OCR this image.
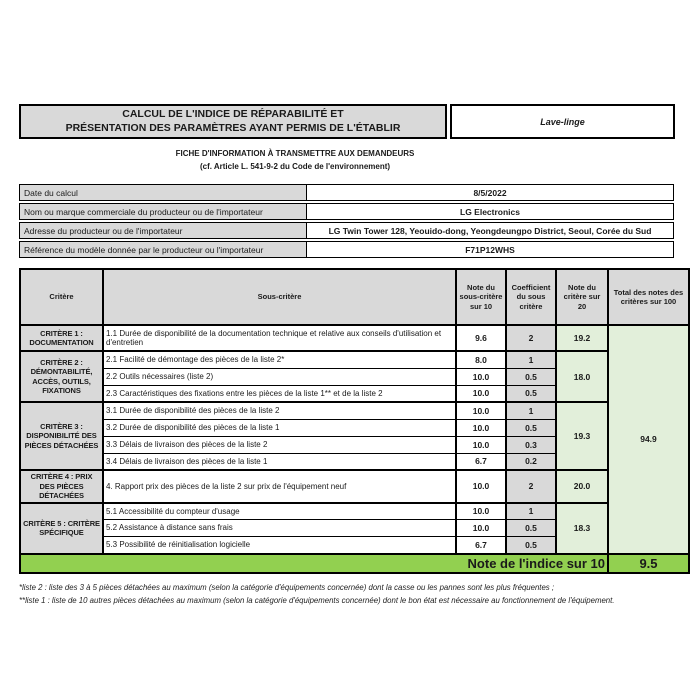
CALCUL DE L'INDICE DE RÉPARABILITÉ ET
PRÉSENTATION DES PARAMÈTRES AYANT PERMIS DE L'ÉTABLIR	Lave-linge
FICHE D'INFORMATION À TRANSMETTRE AUX DEMANDEURS
(cf. Article L. 541-9-2 du Code de l'environnement)
Date du calcul	8/5/2022
Nom ou marque commerciale du producteur ou de l'importateur	LG Electronics
Adresse du producteur ou de l'importateur	LG Twin Tower 128, Yeouido-dong, Yeongdeungpo District, Seoul, Corée du Sud
Référence du modèle donnée par le producteur ou l'importateur	F71P12WHS
Critère	Sous-critère	Note du sous-critère sur 10	Coefficient du sous critère	Note du critère sur 20	Total des notes des critères sur 100
CRITÈRE 1 : DOCUMENTATION	1.1 Durée de disponibilité de la documentation technique et relative aux conseils d'utilisation et d'entretien	9.6	2	19.2	94.9
CRITÈRE 2 : DÉMONTABILITÉ, ACCÈS, OUTILS, FIXATIONS	2.1 Facilité de démontage des pièces de la liste 2*	8.0	1	18.0	
	2.2 Outils nécessaires (liste 2)	10.0	0.5		
	2.3 Caractéristiques des fixations entre les pièces de la liste 1** et de la liste 2	10.0	0.5		
CRITÈRE 3 : DISPONIBILITÉ DES PIÈCES DÉTACHÉES	3.1 Durée de disponibilité des pièces de la liste 2	10.0	1	19.3	
	3.2 Durée de disponibilité des pièces de la liste 1	10.0	0.5		
	3.3 Délais de livraison des pièces de la liste 2	10.0	0.3		
	3.4 Délais de livraison des pièces de la liste 1	6.7	0.2		
CRITÈRE 4 : PRIX DES PIÈCES DÉTACHÉES	4. Rapport prix des pièces de la liste 2 sur prix de l'équipement neuf	10.0	2	20.0	
CRITÈRE 5 : CRITÈRE SPÉCIFIQUE	5.1 Accessibilité du compteur d'usage	10.0	1	18.3	
	5.2 Assistance à distance sans frais	10.0	0.5		
	5.3 Possibilité de réinitialisation logicielle	6.7	0.5		
Note de l'indice sur 10					9.5
*liste 2 : liste des 3 à 5 pièces détachées au maximum (selon la catégorie d'équipements concernée) dont la casse ou les pannes sont les plus fréquentes ;
**liste 1 : liste de 10 autres pièces détachées au maximum (selon la catégorie d'équipements concernée) dont le bon état est nécessaire au fonctionnement de l'équipement.
